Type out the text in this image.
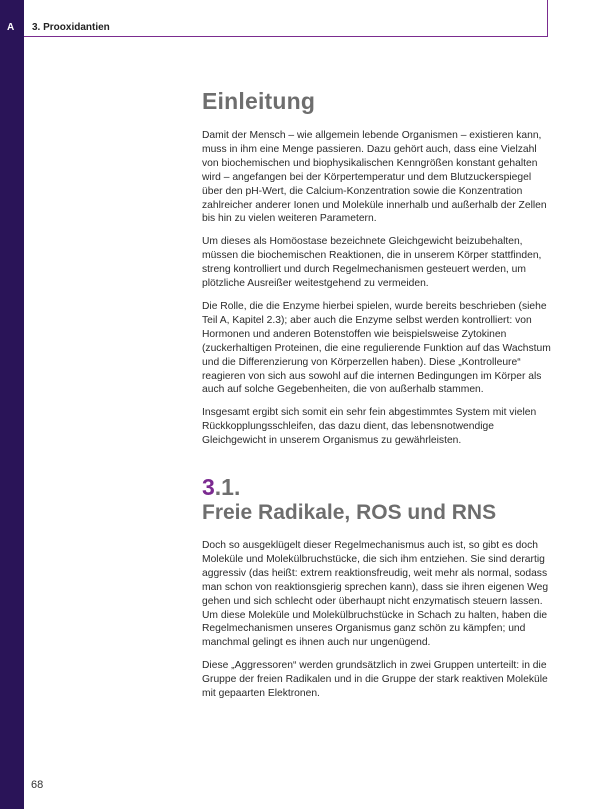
A 3. Prooxidantien
Einleitung

Damit der Mensch – wie allgemein lebende Organismen – existieren kann, muss in ihm eine Menge passieren. Dazu gehört auch, dass eine Vielzahl von biochemischen und biophysikalischen Kenngrößen konstant gehalten wird – angefangen bei der Körpertemperatur und dem Blutzuckerspiegel über den pH-Wert, die Calcium-Konzentration sowie die Konzentration zahlreicher anderer Ionen und Moleküle innerhalb und außerhalb der Zellen bis hin zu vielen weiteren Parametern.

Um dieses als Homöostase bezeichnete Gleichgewicht beizubehalten, müssen die biochemischen Reaktionen, die in unserem Körper stattfinden, streng kontrolliert und durch Regelmechanismen gesteuert werden, um plötzliche Ausreißer weitestgehend zu vermeiden.

Die Rolle, die die Enzyme hierbei spielen, wurde bereits beschrieben (siehe Teil A, Kapitel 2.3); aber auch die Enzyme selbst werden kontrolliert: von Hormonen und anderen Botenstoffen wie beispielsweise Zytokinen (zuckerhaltigen Proteinen, die eine regulierende Funktion auf das Wachstum und die Differenzierung von Körperzellen haben). Diese „Kontrolleure“ reagieren von sich aus sowohl auf die internen Bedingungen im Körper als auch auf solche Gegebenheiten, die von außerhalb stammen.

Insgesamt ergibt sich somit ein sehr fein abgestimmtes System mit vielen Rückkopplungsschleifen, das dazu dient, das lebensnotwendige Gleichgewicht in unserem Organismus zu gewährleisten.

3.1.
Freie Radikale, ROS und RNS

Doch so ausgeklügelt dieser Regelmechanismus auch ist, so gibt es doch Moleküle und Molekülbruchstücke, die sich ihm entziehen. Sie sind derartig aggressiv (das heißt: extrem reaktionsfreudig, weit mehr als normal, sodass man schon von reaktionsgierig sprechen kann), dass sie ihren eigenen Weg gehen und sich schlecht oder überhaupt nicht enzymatisch steuern lassen. Um diese Moleküle und Molekülbruchstücke in Schach zu halten, haben die Regelmechanismen unseres Organismus ganz schön zu kämpfen; und manchmal gelingt es ihnen auch nur ungenügend.

Diese „Aggressoren“ werden grundsätzlich in zwei Gruppen unterteilt: in die Gruppe der freien Radikalen und in die Gruppe der stark reaktiven Moleküle mit gepaarten Elektronen.

68
